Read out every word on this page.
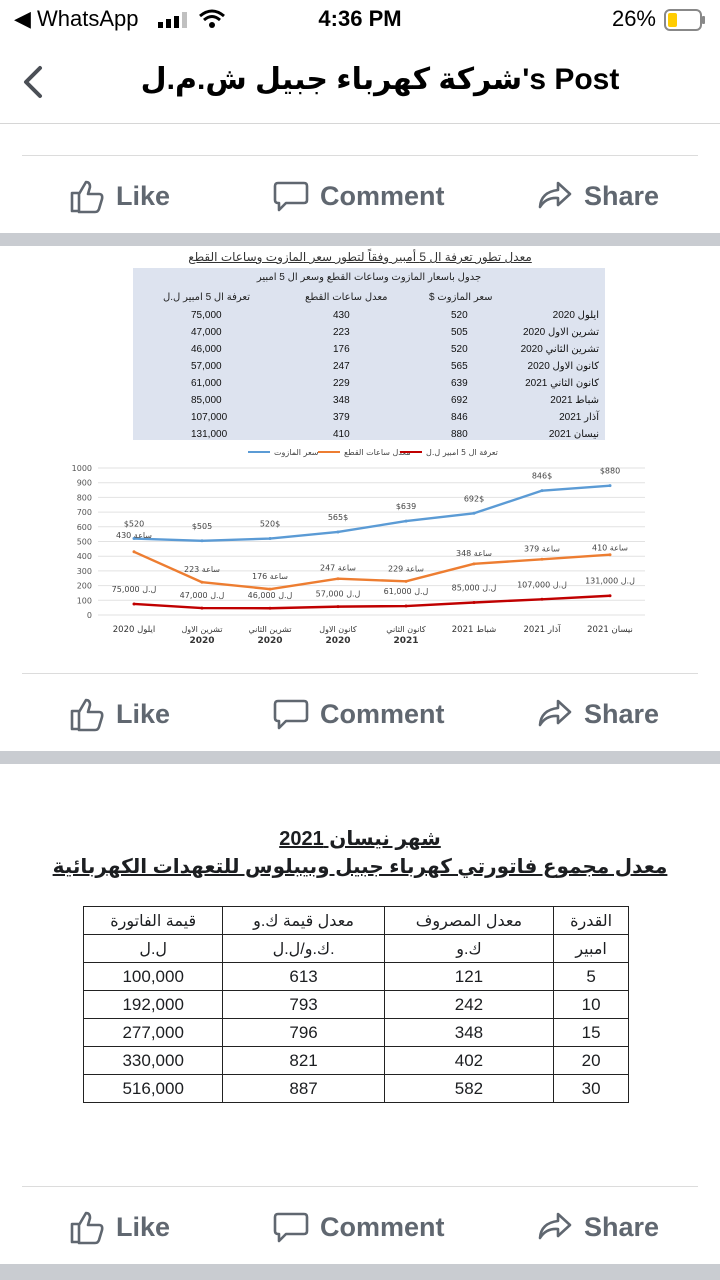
◀ WhatsApp	4:36 PM	26%
شركة كهرباء جبيل ش.م.ل's Post
Like	Comment	Share
معدل تطور تعرفة ال 5 أمبير وفقاً لتطور سعر المازوت وساعات القطع
جدول باسعار المازوت وساعات القطع وسعر ال 5 امبير
تعرفة ال 5 امبير ل.ل	معدل ساعات القطع	سعر المازوت $
75,000	430	520	ايلول 2020
47,000	223	505	تشرين الاول 2020
46,000	176	520	تشرين الثاني 2020
57,000	247	565	كانون الاول 2020
61,000	229	639	كانون الثاني 2021
85,000	348	692	شباط 2021
107,000	379	846	آذار 2021
131,000	410	880	نيسان 2021
سعر المازوت	معدل ساعات القطع تعرفة ال 5 امبير ل.ل
0
100
200
300
400
500
600
700
800
900
1000
ايلول 2020	تشرين الاول
2020
تشرين الثاني
2020
كانون الاول
2020
كانون الثاني
2021
شباط 2021	آذار 2021	نيسان 2021
$520	$505	520$
565$
$639
692$
846$
$880
430 ساعة
223 ساعة
176 ساعة
247 ساعة	229 ساعة
348 ساعة
379 ساعة	410 ساعة
75,000 ل.ل
47,000 ل.ل	46,000 ل.ل	57,000 ل.ل	61,000 ل.ل	85,000 ل.ل	107,000 ل.ل 131,000 ل.ل
Like	Comment	Share
شهر نيسان 2021
معدل مجموع فاتورتي كهرباء جبيل وبيبلوس للتعهدات الكهربائية
قيمة الفاتورة	معدل قيمة ك.و	معدل المصروف	القدرة
ل.ل	ك.و/ل.ل.	ك.و	امبير
100,000	613	121	5
192,000	793	242	10
277,000	796	348	15
330,000	821	402	20
516,000	887	582	30
Like	Comment	Share
